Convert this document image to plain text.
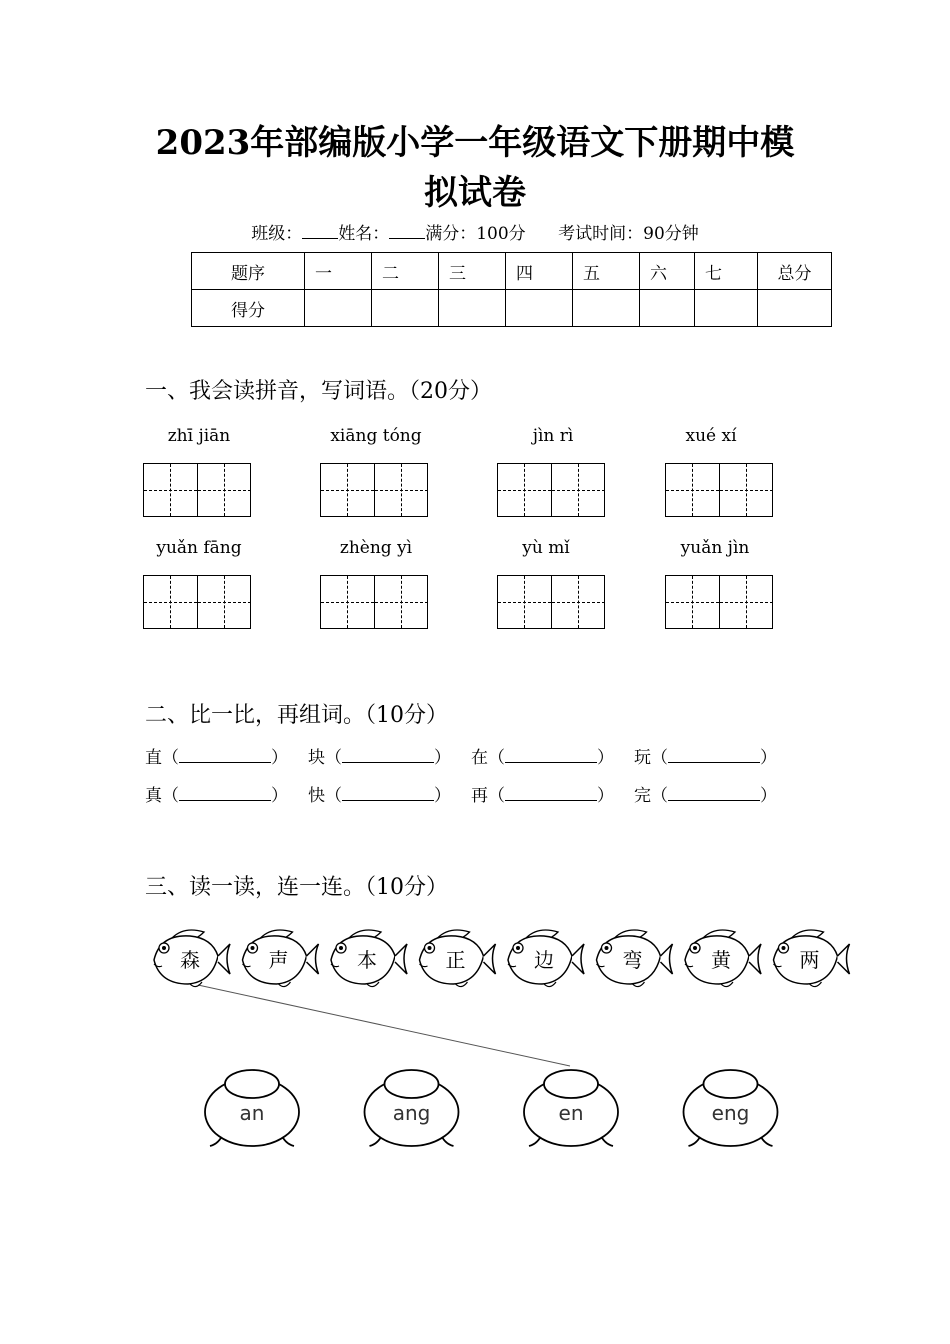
2023年部编版小学一年级语文下册期中模
拟试卷
班级： 姓名： 满分：100分 考试时间：90分钟
题序	一	二	三	四	五	六	七	总分
得分								
一、我会读拼音，写词语。（20分）
zhī jiān	xiāng tóng	jìn rì	xué xí
yuǎn fāng	zhèng yì	yù mǐ	yuǎn jìn
二、比一比，再组词。（10分）
直（	） 块（	） 在（	） 玩（	）
真（	） 快（	） 再（	） 完（	）
三、读一读，连一连。（10分）
森	声	本	正	边	弯	黄	两
an	ang	en	eng
